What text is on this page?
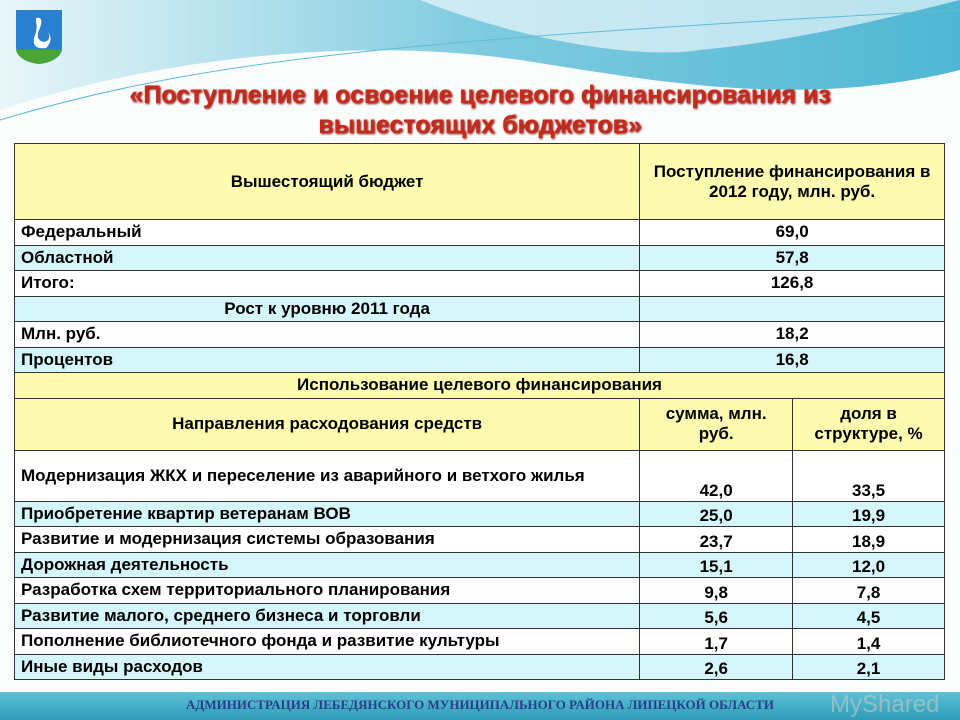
«Поступление и освоение целевого финансирования из вышестоящих бюджетов»
Вышестоящий бюджет	Поступление финансирования в 2012 году, млн. руб.	
Федеральный	69,0	
Областной	57,8	
Итого:	126,8	
Рост к уровню 2011 года		
Млн. руб.	18,2	
Процентов	16,8	
Использование целевого финансирования		
Направления расходования средств	сумма, млн. руб.	доля в структуре, %
Модернизация ЖКХ и переселение из аварийного и ветхого жилья	42,0	33,5
Приобретение квартир ветеранам ВОВ	25,0	19,9
Развитие и модернизация системы образования	23,7	18,9
Дорожная деятельность	15,1	12,0
Разработка схем территориального планирования	9,8	7,8
Развитие малого, среднего бизнеса и торговли	5,6	4,5
Пополнение библиотечного фонда и развитие культуры	1,7	1,4
Иные виды расходов	2,6	2,1
АДМИНИСТРАЦИЯ ЛЕБЕДЯНСКОГО МУНИЦИПАЛЬНОГО РАЙОНА ЛИПЕЦКОЙ ОБЛАСТИ	MyShared
